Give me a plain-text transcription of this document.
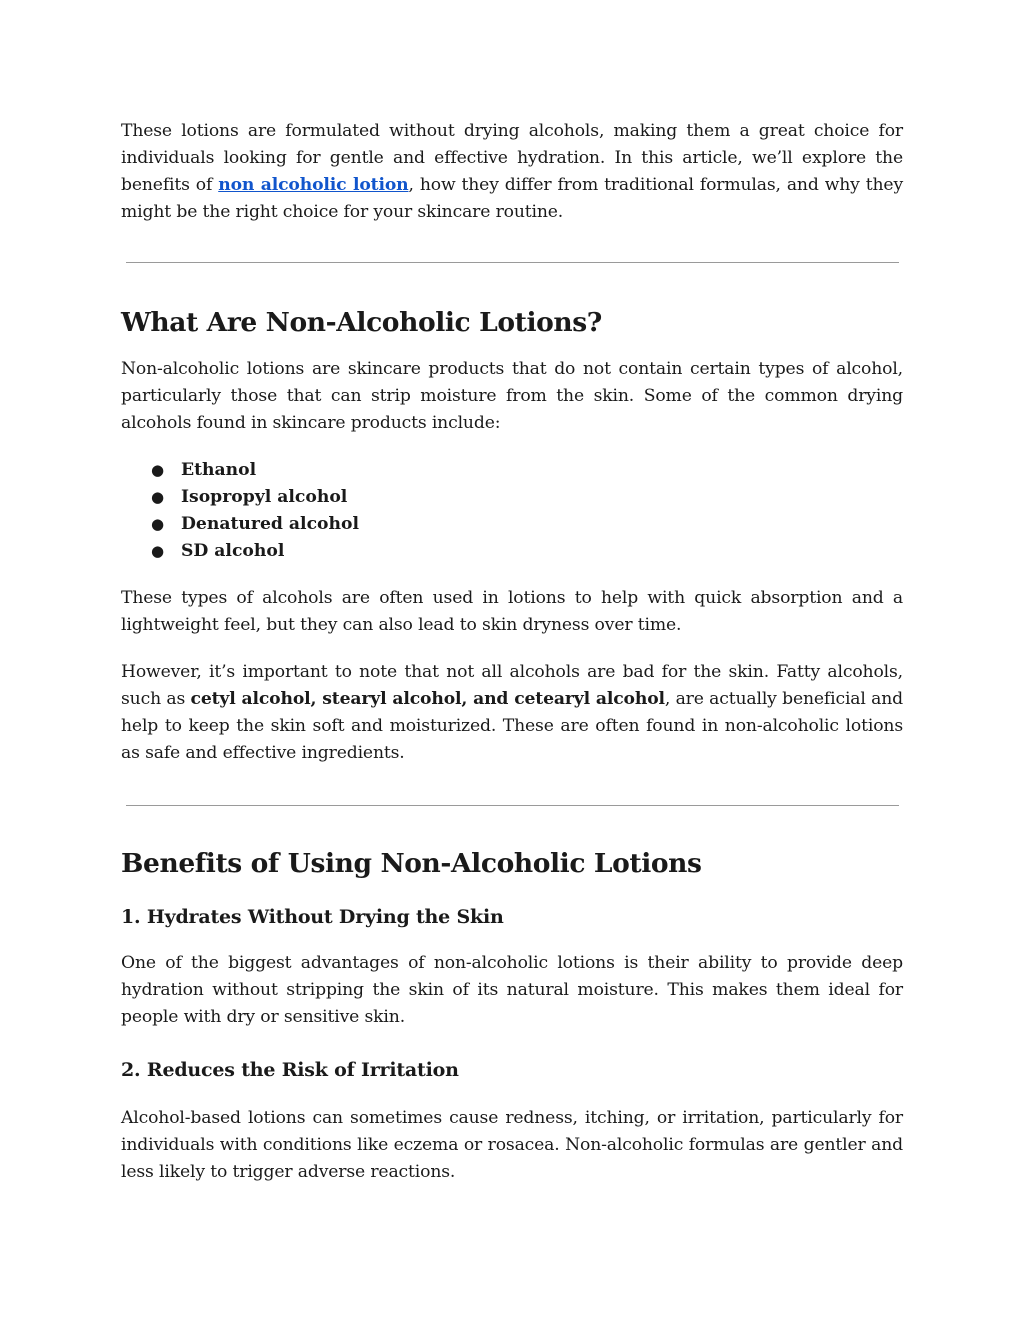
These lotions are formulated without drying alcohols, making them a great choice for individuals looking for gentle and effective hydration. In this article, we’ll explore the benefits of non alcoholic lotion, how they differ from traditional formulas, and why they might be the right choice for your skincare routine.

What Are Non-Alcoholic Lotions?

Non-alcoholic lotions are skincare products that do not contain certain types of alcohol, particularly those that can strip moisture from the skin. Some of the common drying alcohols found in skincare products include:

● Ethanol
● Isopropyl alcohol
● Denatured alcohol
● SD alcohol

These types of alcohols are often used in lotions to help with quick absorption and a lightweight feel, but they can also lead to skin dryness over time.

However, it’s important to note that not all alcohols are bad for the skin. Fatty alcohols, such as cetyl alcohol, stearyl alcohol, and cetearyl alcohol, are actually beneficial and help to keep the skin soft and moisturized. These are often found in non-alcoholic lotions as safe and effective ingredients.

Benefits of Using Non-Alcoholic Lotions
1. Hydrates Without Drying the Skin

One of the biggest advantages of non-alcoholic lotions is their ability to provide deep hydration without stripping the skin of its natural moisture. This makes them ideal for people with dry or sensitive skin.

2. Reduces the Risk of Irritation

Alcohol-based lotions can sometimes cause redness, itching, or irritation, particularly for individuals with conditions like eczema or rosacea. Non-alcoholic formulas are gentler and less likely to trigger adverse reactions.
